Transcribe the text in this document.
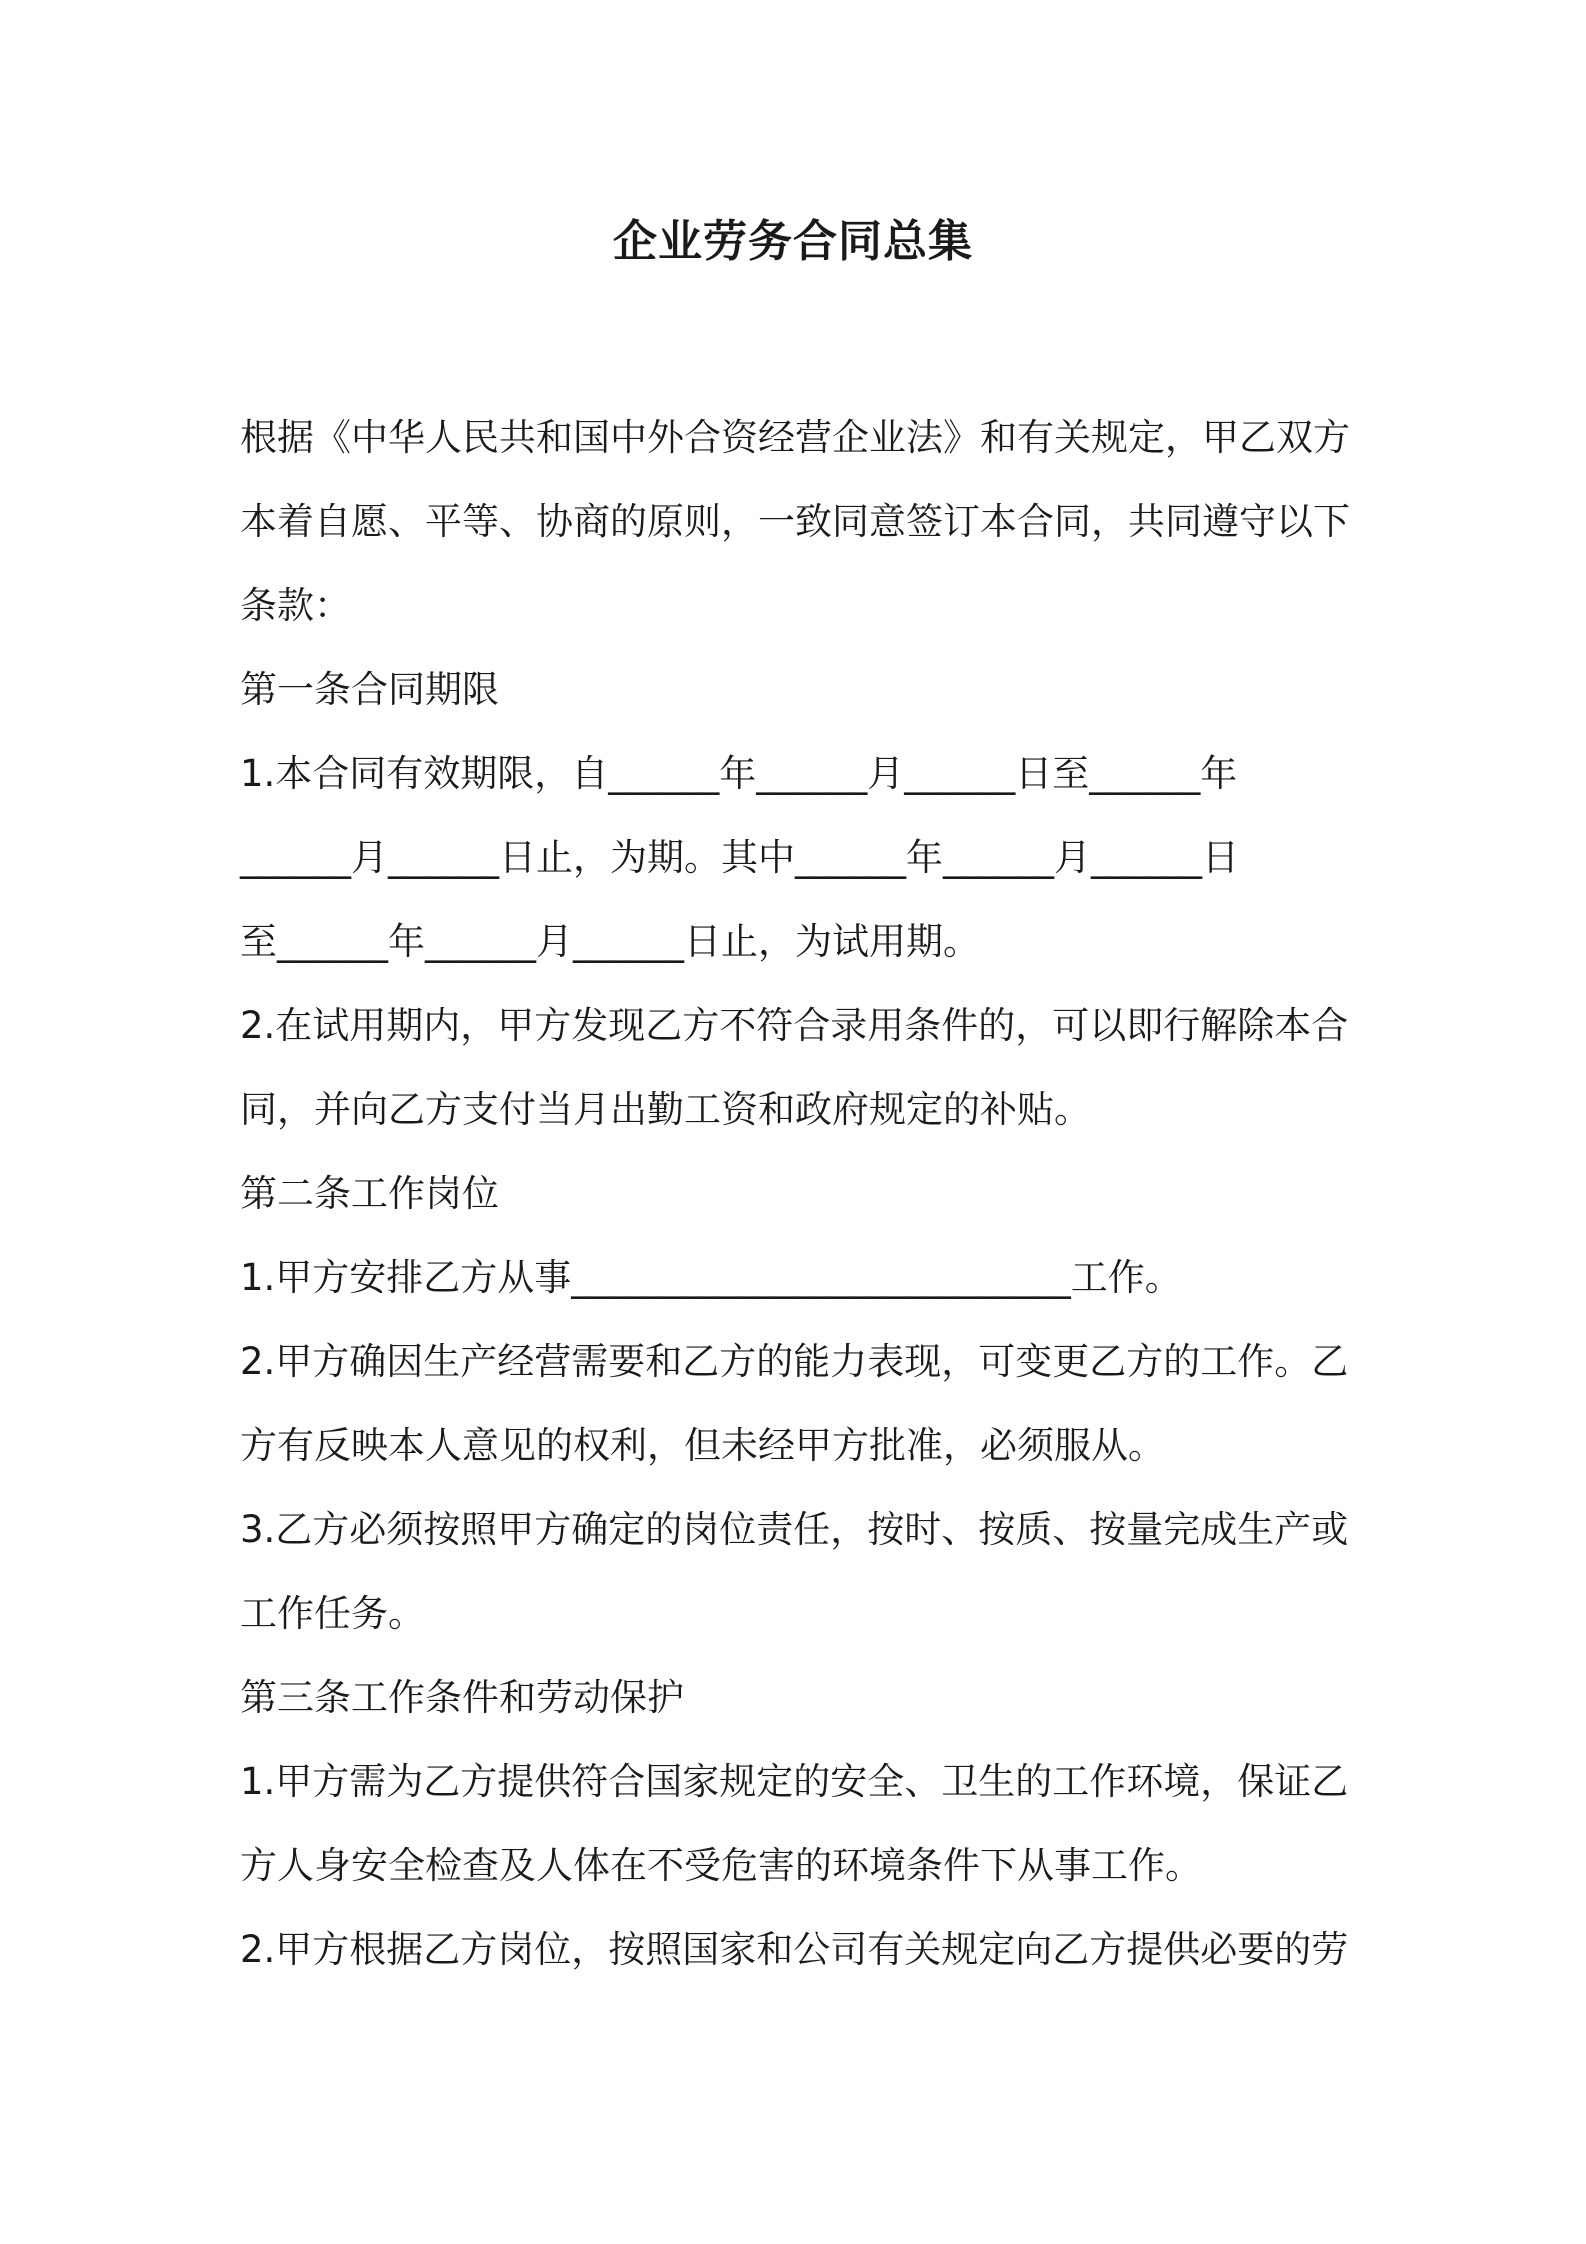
企业劳务合同总集
根据《中华人民共和国中外合资经营企业法》和有关规定，甲乙双方
本着自愿、平等、协商的原则，一致同意签订本合同，共同遵守以下
条款：
第一条合同期限
1.本合同有效期限，自______年______月______日至______年
______月______日止，为期。其中______年______月______日
至______年______月______日止，为试用期。
2.在试用期内，甲方发现乙方不符合录用条件的，可以即行解除本合
同，并向乙方支付当月出勤工资和政府规定的补贴。
第二条工作岗位
1.甲方安排乙方从事___________________________工作。
2.甲方确因生产经营需要和乙方的能力表现，可变更乙方的工作。乙
方有反映本人意见的权利，但未经甲方批准，必须服从。
3.乙方必须按照甲方确定的岗位责任，按时、按质、按量完成生产或
工作任务。
第三条工作条件和劳动保护
1.甲方需为乙方提供符合国家规定的安全、卫生的工作环境，保证乙
方人身安全检查及人体在不受危害的环境条件下从事工作。
2.甲方根据乙方岗位，按照国家和公司有关规定向乙方提供必要的劳
